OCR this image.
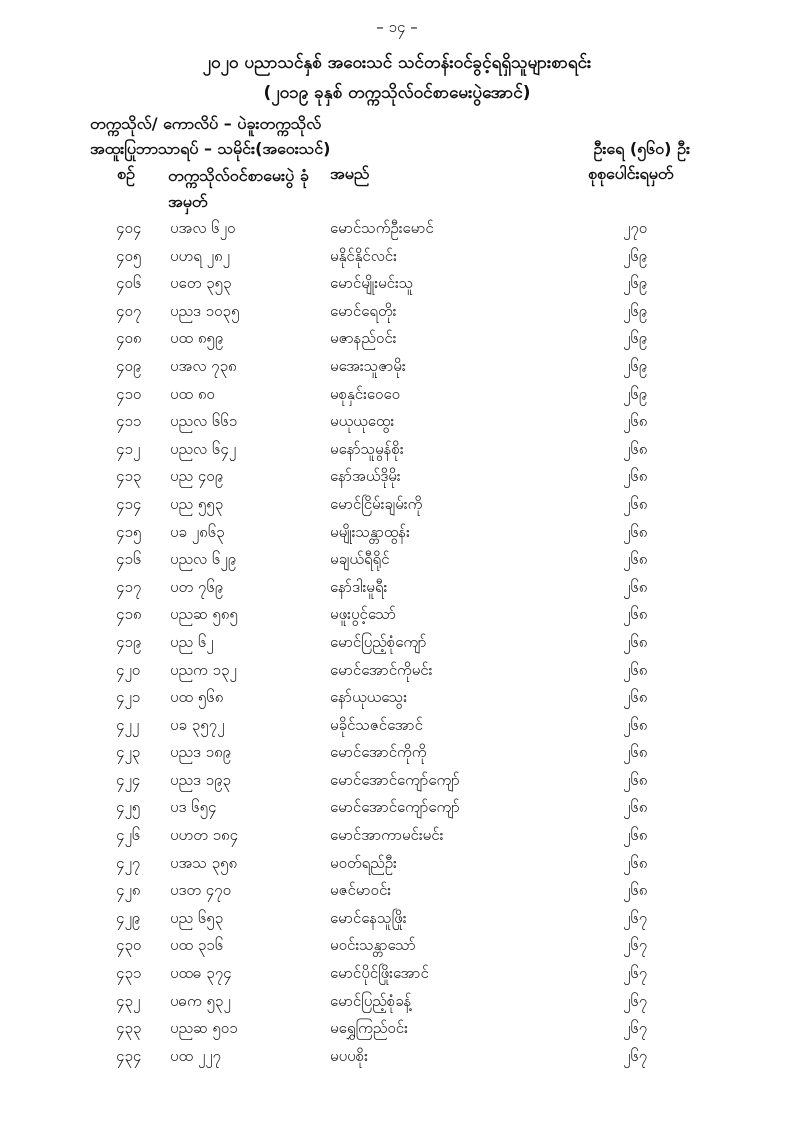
– ၁၄ –
၂၀၂၀ ပညာသင်နှစ် အဝေးသင် သင်တန်းဝင်ခွင့်ရရှိသူများစာရင်း
(၂၀၁၉ ခုနှစ် တက္ကသိုလ်ဝင်စာမေးပွဲအောင်)
တက္ကသိုလ်/ ကောလိပ် – ပဲခူးတက္ကသိုလ်
အထူးပြုဘာသာရပ် – သမိုင်း(အဝေးသင်)	ဦးရေ (၅၆၀) ဦး
စဉ် တက္ကသိုလ်ဝင်စာမေးပွဲ ခုံအမှတ်
အမည်	စုစုပေါင်းရမှတ်
၄၀၄ ပအလ ၆၂၀	မောင်သက်ဦးမောင်	၂၇၀
၄၀၅ ပဟရ ၂၈၂	မနိုင်နိုင်လင်း	၂၆၉
၄၀၆ ပတေ ၃၅၃	မောင်မျိုးမင်းသူ	၂၆၉
၄၀၇ ပညဒ ၁၀၃၅	မောင်ရေတိုး	၂၆၉
၄၀၈ ပထ ၈၅၉	မဇာနည်ဝင်း	၂၆၉
၄၀၉ ပအလ ၇၃၈	မအေးသူဇာမိုး	၂၆၉
၄၁၀ ပထ ၈၀	မစုနှင်းဝေဝေ	၂၆၉
၄၁၁ ပညလ ၆၆၁	မယုယုထွေး	၂၆၈
၄၁၂ ပညလ ၆၄၂	မနော်သူမွန်စိုး	၂၆၈
၄၁၃ ပည ၄၀၉	နော်အယ်ဒိုမိုး	၂၆၈
၄၁၄ ပည ၅၅၃	မောင်ငြိမ်းချမ်းကို	၂၆၈
၄၁၅ ပခ ၂၈၆၃	မမျိုးသန္တာထွန်း	၂၆၈
၄၁၆ ပညလ ၆၂၉	မချယ်ရီရိုင်	၂၆၈
၄၁၇ ပတ ၇၆၉	နော်ဒါးမူရီး	၂၆၈
၄၁၈ ပညဆ ၅၈၅	မဖူးပွင့်သော်	၂၆၈
၄၁၉ ပည ၆၂	မောင်ပြည့်စုံကျော်	၂၆၈
၄၂၀ ပညက ၁၃၂	မောင်အောင်ကိုမင်း	၂၆၈
၄၂၁ ပထ ၅၆၈	နော်ယုယသွေး	၂၆၈
၄၂၂ ပခ ၃၅၇၂	မခိုင်သဇင်အောင်	၂၆၈
၄၂၃ ပညဒ ၁၈၉	မောင်အောင်ကိုကို	၂၆၈
၄၂၄ ပညဒ ၁၉၃	မောင်အောင်ကျော်ကျော်	၂၆၈
၄၂၅ ပဒ ၆၅၄	မောင်အောင်ကျော်ကျော်	၂၆၈
၄၂၆ ပဟတ ၁၈၄	မောင်အာကာမင်းမင်း	၂၆၈
၄၂၇ ပအသ ၃၅၈	မဝတ်ရည်ဦး	၂၆၈
၄၂၈ ပဒတ ၄၇၀	မဇင်မာဝင်း	၂၆၈
၄၂၉ ပည ၆၅၃	မောင်နေသူဖြိုး	၂၆၇
၄၃၀ ပထ ၃၁၆	မဝင်းသန္တာသော်	၂၆၇
၄၃၁ ပထဓ ၃၇၄	မောင်ပိုင်ဖြိုးအောင်	၂၆၇
၄၃၂ ပဓက ၅၃၂	မောင်ပြည့်စုံခန့်	၂၆၇
၄၃၃ ပညဆ ၅၀၁	မရွှေကြည်ဝင်း	၂၆၇
၄၃၄ ပထ ၂၂၇	မပပစိုး	၂၆၇
